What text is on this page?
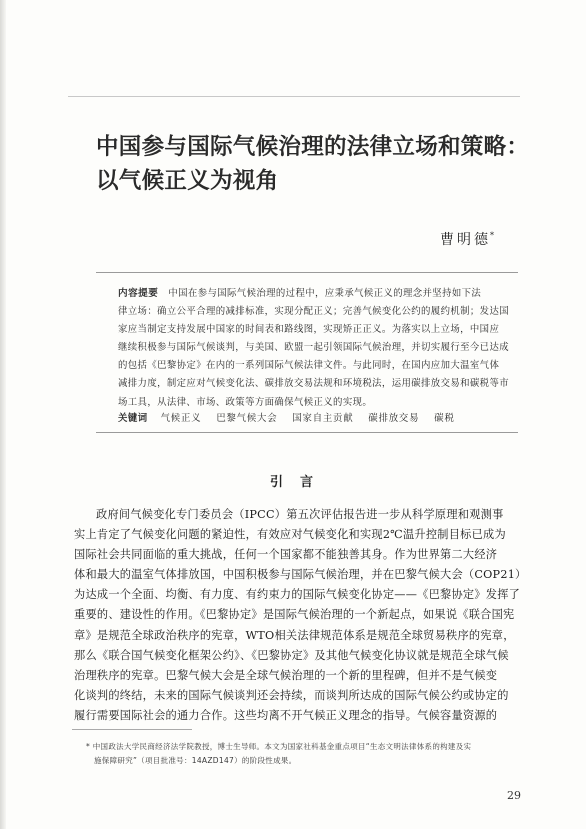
中国参与国际气候治理的法律立场和策略：
以气候正义为视角
曹明德*
内容提要 中国在参与国际气候治理的过程中，应秉承气候正义的理念并坚持如下法
律立场：确立公平合理的减排标准，实现分配正义；完善气候变化公约的履约机制；发达国
家应当制定支持发展中国家的时间表和路线图，实现矫正正义。为落实以上立场，中国应
继续积极参与国际气候谈判，与美国、欧盟一起引领国际气候治理，并切实履行至今已达成
的包括《巴黎协定》在内的一系列国际气候法律文件。与此同时，在国内应加大温室气体
减排力度，制定应对气候变化法、碳排放交易法规和环境税法，运用碳排放交易和碳税等市
场工具，从法律、市场、政策等方面确保气候正义的实现。
关键词 气候正义 巴黎气候大会 国家自主贡献 碳排放交易 碳税
引言
政府间气候变化专门委员会（IPCC）第五次评估报告进一步从科学原理和观测事
实上肯定了气候变化问题的紧迫性，有效应对气候变化和实现2℃温升控制目标已成为
国际社会共同面临的重大挑战，任何一个国家都不能独善其身。作为世界第二大经济
体和最大的温室气体排放国，中国积极参与国际气候治理，并在巴黎气候大会（COP21）
为达成一个全面、均衡、有力度、有约束力的国际气候变化协定——《巴黎协定》发挥了
重要的、建设性的作用。《巴黎协定》是国际气候治理的一个新起点，如果说《联合国宪
章》是规范全球政治秩序的宪章，WTO相关法律规范体系是规范全球贸易秩序的宪章，
那么《联合国气候变化框架公约》、《巴黎协定》及其他气候变化协议就是规范全球气候
治理秩序的宪章。巴黎气候大会是全球气候治理的一个新的里程碑，但并不是气候变
化谈判的终结，未来的国际气候谈判还会持续，而谈判所达成的国际气候公约或协定的
履行需要国际社会的通力合作。这些均离不开气候正义理念的指导。气候容量资源的
* 中国政法大学民商经济法学院教授，博士生导师。本文为国家社科基金重点项目“生态文明法律体系的构建及实
施保障研究”（项目批准号：14AZD147）的阶段性成果。
29
